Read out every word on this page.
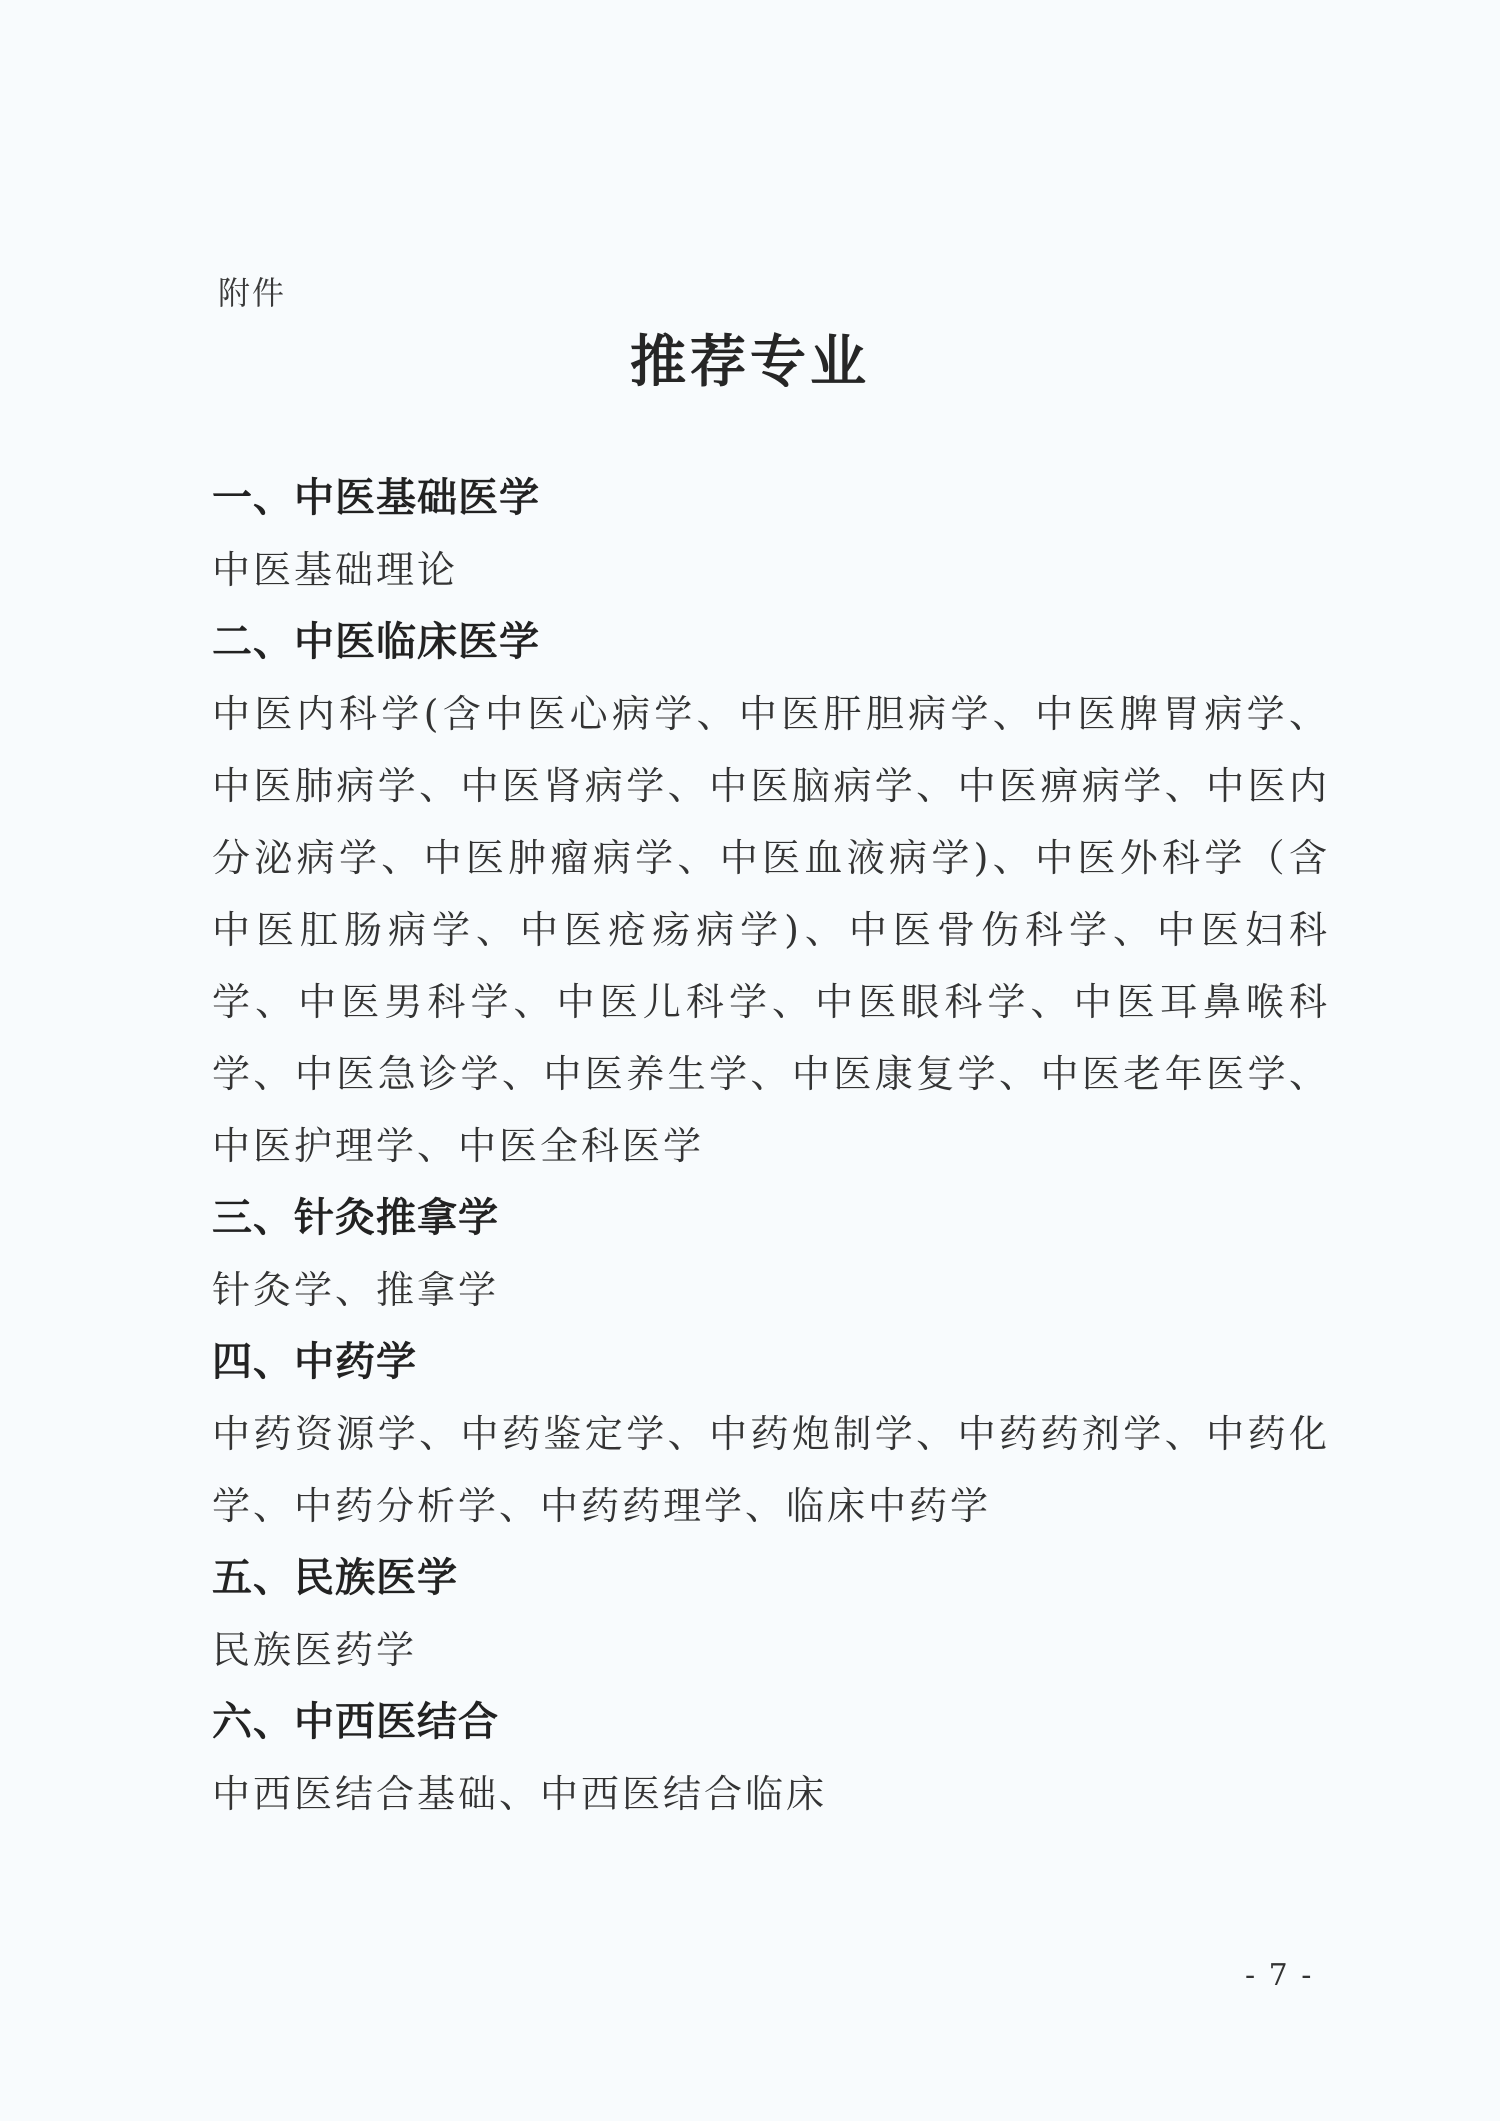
附件
推荐专业
一、中医基础医学
中医基础理论
二、中医临床医学
中医内科学(含中医心病学、中医肝胆病学、中医脾胃病学、中医肺病学、中医肾病学、中医脑病学、中医痹病学、中医内分泌病学、中医肿瘤病学、中医血液病学)、中医外科学（含中医肛肠病学、中医疮疡病学)、中医骨伤科学、中医妇科学、中医男科学、中医儿科学、中医眼科学、中医耳鼻喉科学、中医急诊学、中医养生学、中医康复学、中医老年医学、中医护理学、中医全科医学
三、针灸推拿学
针灸学、推拿学
四、中药学
中药资源学、中药鉴定学、中药炮制学、中药药剂学、中药化学、中药分析学、中药药理学、临床中药学
五、民族医学
民族医药学
六、中西医结合
中西医结合基础、中西医结合临床
- 7 -
